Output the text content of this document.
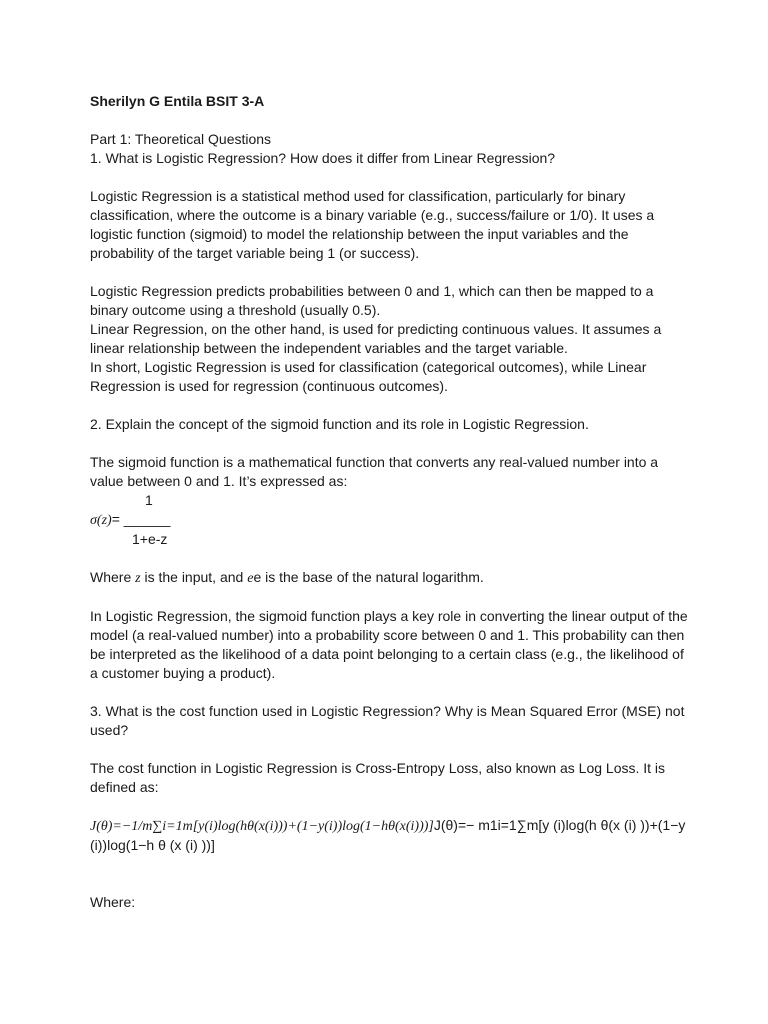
Sherilyn G Entila BSIT 3-A

Part 1: Theoretical Questions

1. What is Logistic Regression? How does it differ from Linear Regression?

Logistic Regression is a statistical method used for classification, particularly for binary classification, where the outcome is a binary variable (e.g., success/failure or 1/0). It uses a logistic function (sigmoid) to model the relationship between the input variables and the probability of the target variable being 1 (or success).

Logistic Regression predicts probabilities between 0 and 1, which can then be mapped to a binary outcome using a threshold (usually 0.5).

Linear Regression, on the other hand, is used for predicting continuous values. It assumes a linear relationship between the independent variables and the target variable.

In short, Logistic Regression is used for classification (categorical outcomes), while Linear Regression is used for regression (continuous outcomes).

2. Explain the concept of the sigmoid function and its role in Logistic Regression.

The sigmoid function is a mathematical function that converts any real-valued number into a value between 0 and 1. It’s expressed as:

1

σ(z)= ______

1+e-z

Where z is the input, and ee is the base of the natural logarithm.

In Logistic Regression, the sigmoid function plays a key role in converting the linear output of the model (a real-valued number) into a probability score between 0 and 1. This probability can then be interpreted as the likelihood of a data point belonging to a certain class (e.g., the likelihood of a customer buying a product).

3. What is the cost function used in Logistic Regression? Why is Mean Squared Error (MSE) not used?

The cost function in Logistic Regression is Cross-Entropy Loss, also known as Log Loss. It is defined as:

J(θ)=−1/m∑i=1m[y(i)log(hθ(x(i)))+(1−y(i))log(1−hθ(x(i)))]J(θ)=− m1i=1∑m[y (i)log(h θ(x (i) ))+(1−y (i))log(1−h θ (x (i) ))]

Where:
